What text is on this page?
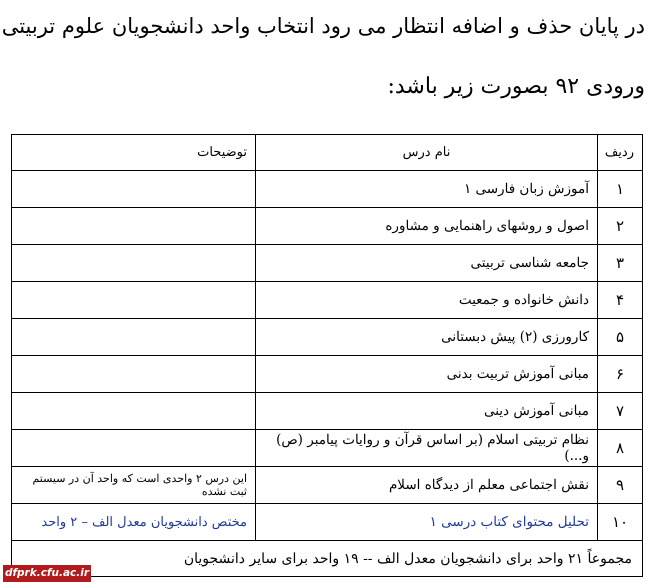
در پایان حذف و اضافه انتظار می رود انتخاب واحد دانشجویان علوم تربیتی
ورودی ۹۲ بصورت زیر باشد:
ردیف	نام درس	توضیحات
۱	آموزش زبان فارسی ۱	
۲	اصول و روشهای راهنمایی و مشاوره	
۳	جامعه شناسی تربیتی	
۴	دانش خانواده و جمعیت	
۵	کارورزی (۲) پیش دبستانی	
۶	مبانی آموزش تربیت بدنی	
۷	مبانی آموزش دینی	
۸	نظام تربیتی اسلام (بر اساس قرآن و روایات پیامبر (ص) و...)	
۹	نقش اجتماعی معلم از دیدگاه اسلام	این درس ۲ واحدی است که واحد آن در سیستم ثبت نشده
۱۰	تحلیل محتوای کتاب درسی ۱	مختص دانشجویان معدل الف – ۲ واحد
مجموعاً ۲۱ واحد برای دانشجویان معدل الف -- ۱۹ واحد برای سایر دانشجویان		
dfprk.cfu.ac.ir
